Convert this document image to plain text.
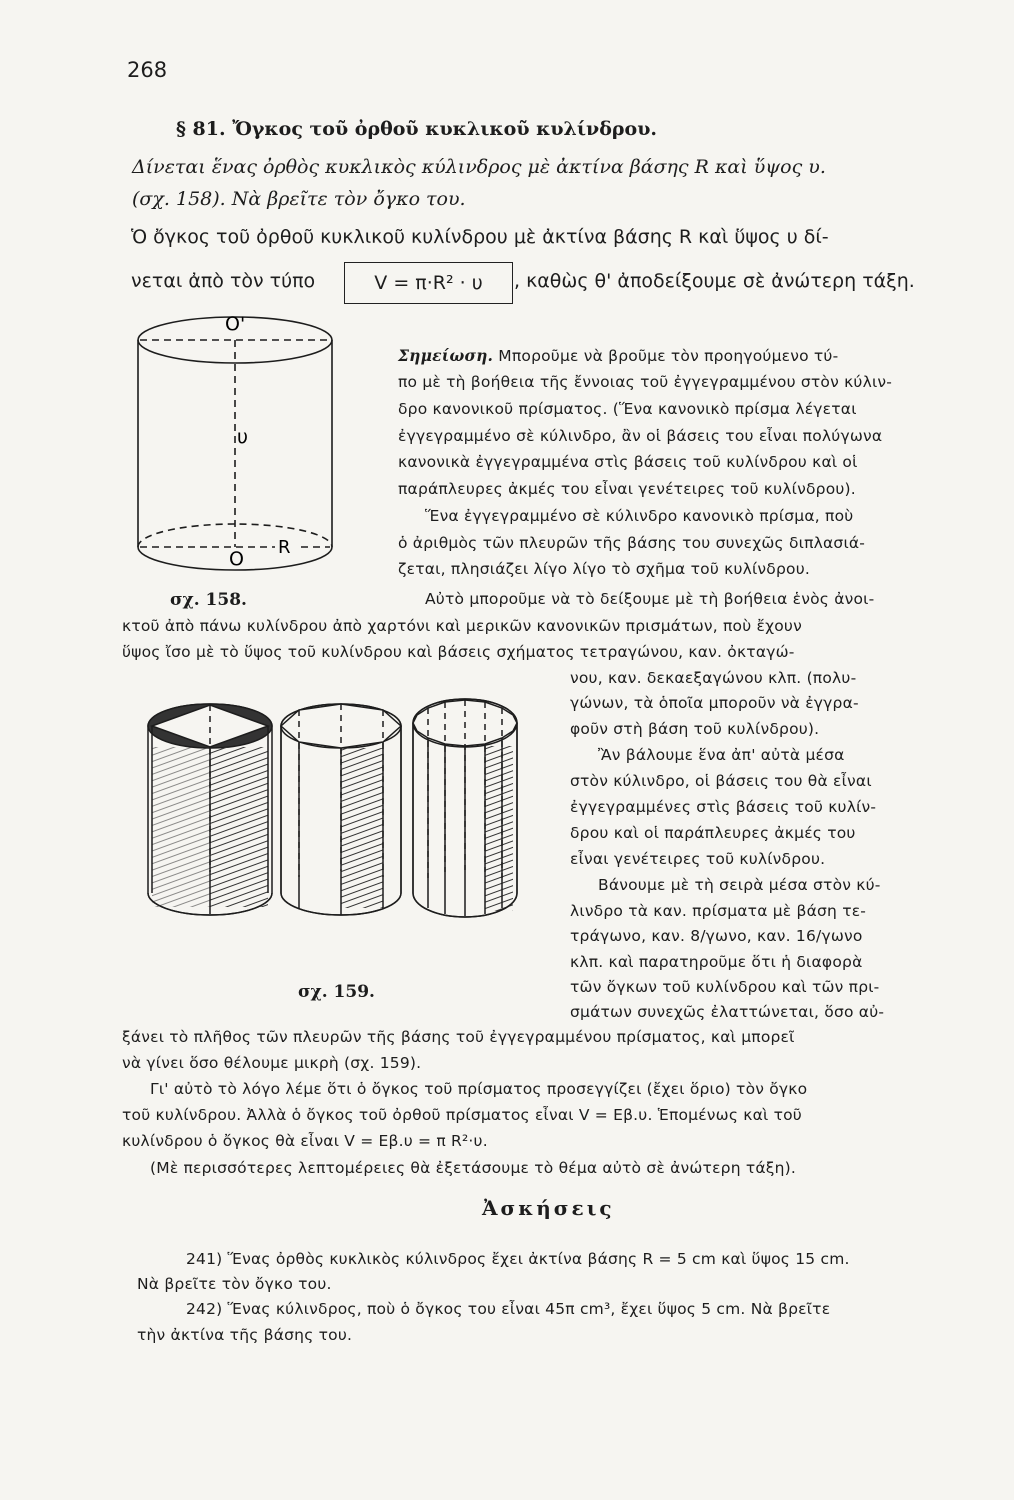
268
§ 81. Ὄγκος τοῦ ὀρθοῦ κυκλικοῦ κυλίνδρου.
Δίνεται ἕνας ὀρθὸς κυκλικὸς κύλινδρος μὲ ἀκτίνα βάσης R καὶ ὕψος υ.
(σχ. 158). Νὰ βρεῖτε τὸν ὄγκο του.
Ὁ ὄγκος τοῦ ὀρθοῦ κυκλικοῦ κυλίνδρου μὲ ἀκτίνα βάσης R καὶ ὕψος υ δί-
νεται ἀπὸ τὸν τύπο	V = π·R² · υ	, καθὼς θ' ἀποδείξουμε σὲ ἀνώτερη τάξη.
Ο'
υ
R
Ο
σχ. 158.
Σημείωση. Μποροῦμε νὰ βροῦμε τὸν προηγούμενο τύ-
πο μὲ τὴ βοήθεια τῆς ἔννοιας τοῦ ἐγγεγραμμένου στὸν κύλιν-
δρο κανονικοῦ πρίσματος. (Ἕνα κανονικὸ πρίσμα λέγεται
ἐγγεγραμμένο σὲ κύλινδρο, ἂν οἱ βάσεις του εἶναι πολύγωνα
κανονικὰ ἐγγεγραμμένα στὶς βάσεις τοῦ κυλίνδρου καὶ οἱ
παράπλευρες ἀκμές του εἶναι γενέτειρες τοῦ κυλίνδρου).
Ἕνα ἐγγεγραμμένο σὲ κύλινδρο κανονικὸ πρίσμα, ποὺ
ὁ ἀριθμὸς τῶν πλευρῶν τῆς βάσης του συνεχῶς διπλασιά-
ζεται, πλησιάζει λίγο λίγο τὸ σχῆμα τοῦ κυλίνδρου.
Αὐτὸ μποροῦμε νὰ τὸ δείξουμε μὲ τὴ βοήθεια ἑνὸς ἀνοι-
κτοῦ ἀπὸ πάνω κυλίνδρου ἀπὸ χαρτόνι καὶ μερικῶν κανονικῶν πρισμάτων, ποὺ ἔχουν
ὕψος ἴσο μὲ τὸ ὕψος τοῦ κυλίνδρου καὶ βάσεις σχήματος τετραγώνου, καν. ὀκταγώ-
νου, καν. δεκαεξαγώνου κλπ. (πολυ-
γώνων, τὰ ὁποῖα μποροῦν νὰ ἐγγρα-
φοῦν στὴ βάση τοῦ κυλίνδρου).
Ἂν βάλουμε ἕνα ἀπ' αὐτὰ μέσα
στὸν κύλινδρο, οἱ βάσεις του θὰ εἶναι
ἐγγεγραμμένες στὶς βάσεις τοῦ κυλίν-
δρου καὶ οἱ παράπλευρες ἀκμές του
εἶναι γενέτειρες τοῦ κυλίνδρου.
Βάνουμε μὲ τὴ σειρὰ μέσα στὸν κύ-
λινδρο τὰ καν. πρίσματα μὲ βάση τε-
τράγωνο, καν. 8/γωνο, καν. 16/γωνο
κλπ. καὶ παρατηροῦμε ὅτι ἡ διαφορὰ
τῶν ὄγκων τοῦ κυλίνδρου καὶ τῶν πρι-
σμάτων συνεχῶς ἐλαττώνεται, ὅσο αὐ-
ξάνει τὸ πλῆθος τῶν πλευρῶν τῆς βάσης τοῦ ἐγγεγραμμένου πρίσματος, καὶ μπορεῖ
νὰ γίνει ὅσο θέλουμε μικρὴ (σχ. 159).
Γι' αὐτὸ τὸ λόγο λέμε ὅτι ὁ ὄγκος τοῦ πρίσματος προσεγγίζει (ἔχει ὅριο) τὸν ὄγκο
τοῦ κυλίνδρου. Ἀλλὰ ὁ ὄγκος τοῦ ὀρθοῦ πρίσματος εἶναι V = Εβ.υ. Ἑπομένως καὶ τοῦ
κυλίνδρου ὁ ὄγκος θὰ εἶναι V = Εβ.υ = π R²·υ.
(Μὲ περισσότερες λεπτομέρειες θὰ ἐξετάσουμε τὸ θέμα αὐτὸ σὲ ἀνώτερη τάξη).
σχ. 159.
Ἀσκήσεις
241) Ἕνας ὀρθὸς κυκλικὸς κύλινδρος ἔχει ἀκτίνα βάσης R = 5 cm καὶ ὕψος 15 cm.
Νὰ βρεῖτε τὸν ὄγκο του.
242) Ἕνας κύλινδρος, ποὺ ὁ ὄγκος του εἶναι 45π cm³, ἔχει ὕψος 5 cm. Νὰ βρεῖτε
τὴν ἀκτίνα τῆς βάσης του.
